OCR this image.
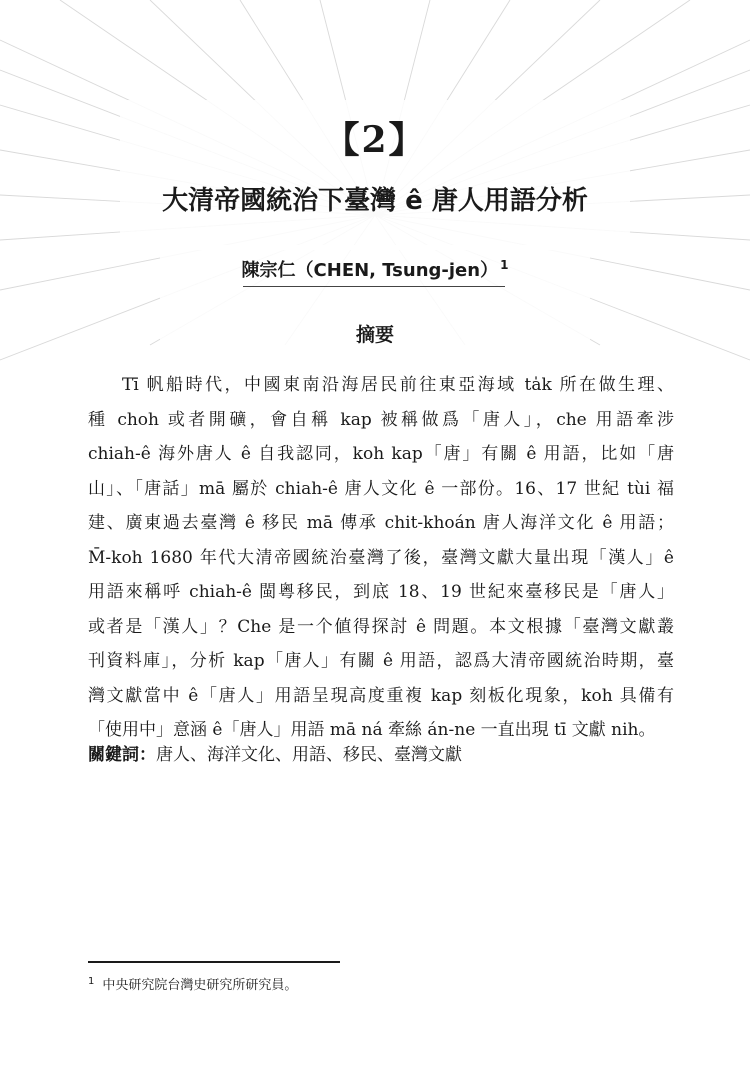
【2】
大清帝國統治下臺灣 ê 唐人用語分析
陳宗仁（CHEN, Tsung-jen） $^1$
摘要
Tī 帆船時代，中國東南沿海居民前往東亞海域 ta̍k 所在做生理、
種 choh 或者開礦，會自稱 kap 被稱做爲「唐人」，che 用語牽涉
chiah-ê 海外唐人 ê 自我認同，koh kap「唐」有關 ê 用語，比如「唐
山」、「唐話」mā 屬於 chiah-ê 唐人文化 ê 一部份。16、17 世紀 tùi 福
建、廣東過去臺灣 ê 移民 mā 傳承 chit-khoán 唐人海洋文化 ê 用語；
M̄-koh 1680 年代大清帝國統治臺灣了後，臺灣文獻大量出現「漢人」ê
用語來稱呼 chiah-ê 閩粵移民，到底 18、19 世紀來臺移民是「唐人」
或者是「漢人」？Che 是一个値得探討 ê 問題。本文根據「臺灣文獻叢
刊資料庫」，分析 kap「唐人」有關 ê 用語，認爲大清帝國統治時期，臺
灣文獻當中 ê「唐人」用語呈現高度重複 kap 刻板化現象，koh 具備有
「使用中」意涵 ê「唐人」用語 mā ná 牽絲 án-ne 一直出現 tī 文獻 nih。
關鍵詞：唐人、海洋文化、用語、移民、臺灣文獻
$^1$ 中央研究院台灣史研究所研究員。
